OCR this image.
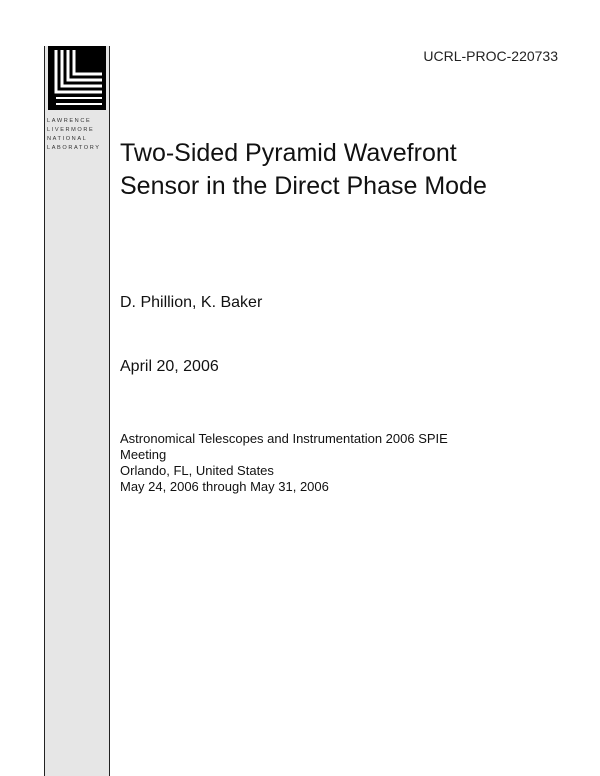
LAWRENCE
LIVERMORE
NATIONAL
LABORATORY
UCRL-PROC-220733
Two-Sided Pyramid Wavefront
Sensor in the Direct Phase Mode
D. Phillion, K. Baker
April 20, 2006
Astronomical Telescopes and Instrumentation 2006 SPIE
Meeting
Orlando, FL, United States
May 24, 2006 through May 31, 2006
